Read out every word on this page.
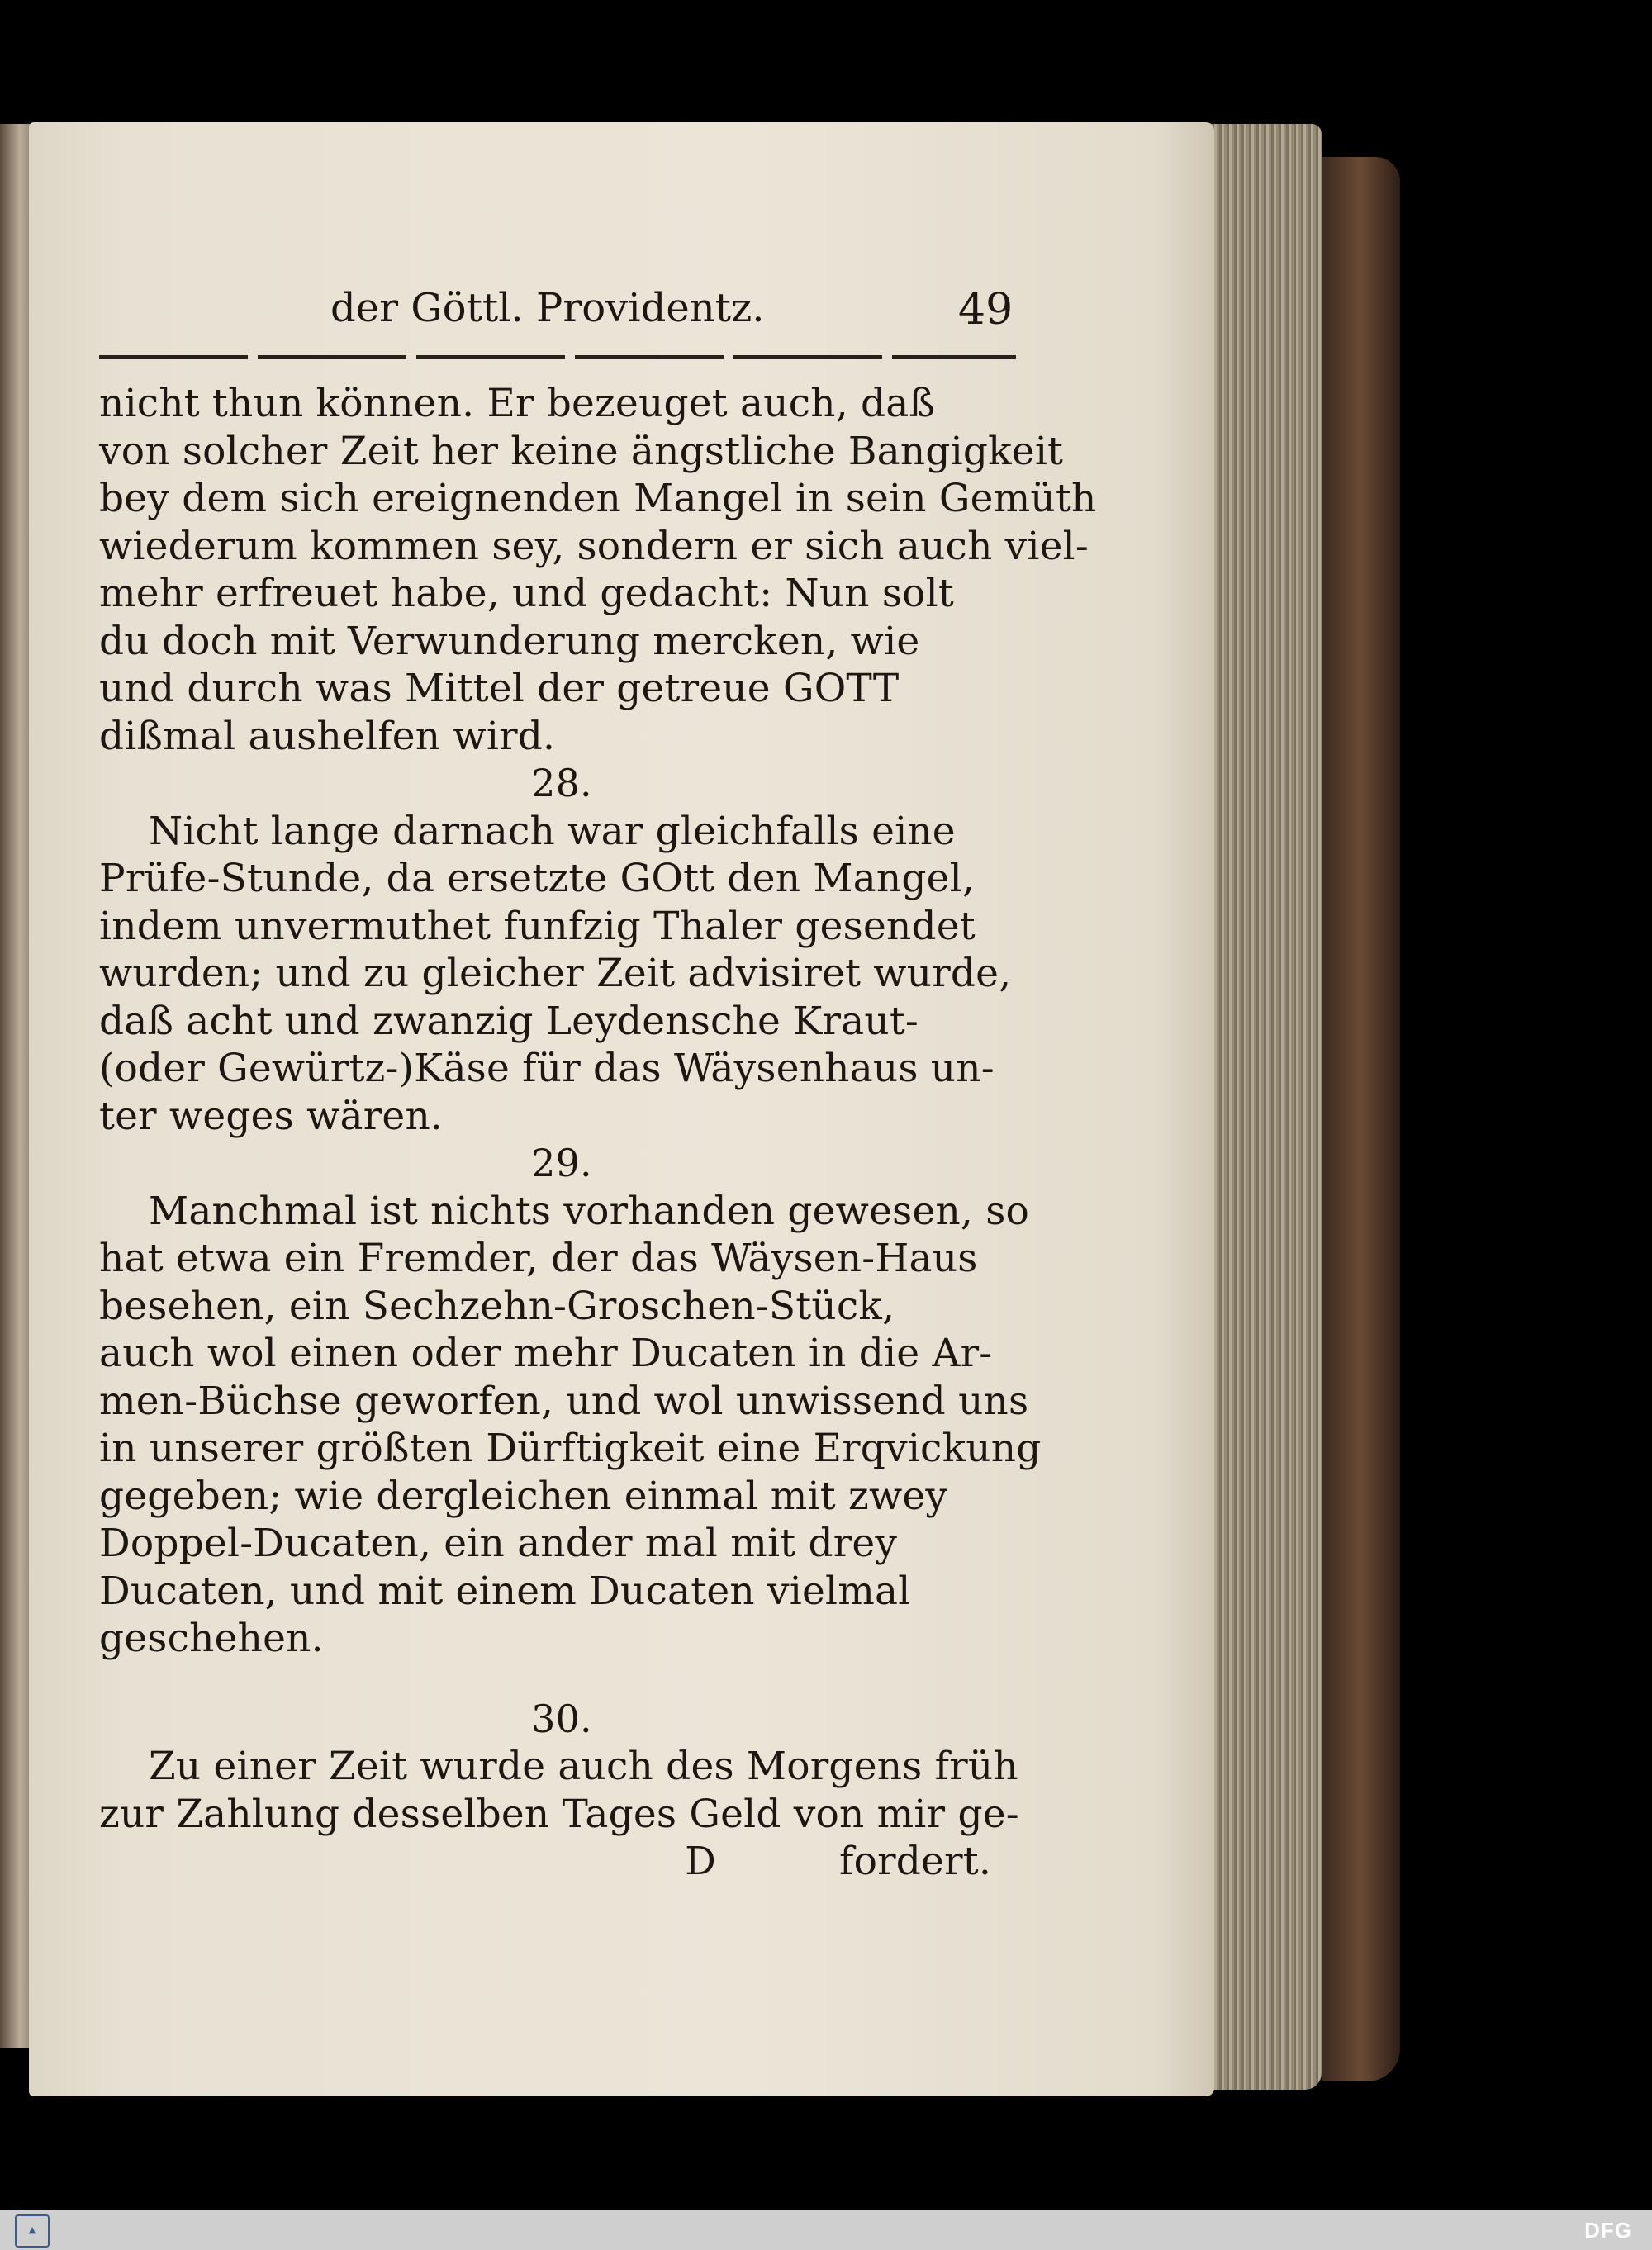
der Göttl. Providentz.	49
nicht thun können. Er bezeuget auch, daß
von solcher Zeit her keine ängstliche Bangigkeit
bey dem sich ereignenden Mangel in sein Gemüth
wiederum kommen sey, sondern er sich auch viel-
mehr erfreuet habe, und gedacht: Nun solt
du doch mit Verwunderung mercken, wie
und durch was Mittel der getreue GOTT
dißmal aushelfen wird.
28.
Nicht lange darnach war gleichfalls eine
Prüfe-Stunde, da ersetzte GOtt den Mangel,
indem unvermuthet funfzig Thaler gesendet
wurden; und zu gleicher Zeit advisiret wurde,
daß acht und zwanzig Leydensche Kraut-
(oder Gewürtz-)Käse für das Wäysenhaus un-
ter weges wären.
29.
Manchmal ist nichts vorhanden gewesen, so
hat etwa ein Fremder, der das Wäysen-Haus
besehen, ein Sechzehn-Groschen-Stück,
auch wol einen oder mehr Ducaten in die Ar-
men-Büchse geworfen, und wol unwissend uns
in unserer größten Dürftigkeit eine Erqvickung
gegeben; wie dergleichen einmal mit zwey
Doppel-Ducaten, ein ander mal mit drey
Ducaten, und mit einem Ducaten vielmal
geschehen.
30.
Zu einer Zeit wurde auch des Morgens früh
zur Zahlung desselben Tages Geld von mir ge-
D	fordert.
▲	DFG
